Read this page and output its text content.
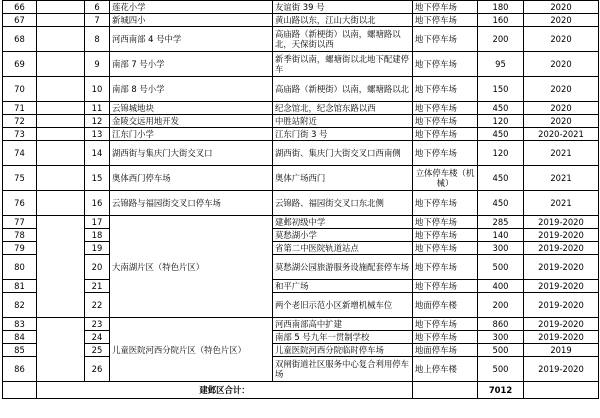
66		6	莲花小学	友谊街 39 号	地下停车场	180	2020
67		7	新城四小	黄山路以东，江山大街以北	地下停车场	160	2020
68		8	河西南部 4 号中学	高庙路（新梗街）以南，螺塘路以北，天保街以西	地下停车场	200	2020
69		9	南部 7 号小学	新季街以南，螺塘街以北地下配建停车	地下停车场	95	2020
70		10	南部 8 号小学	高庙路（新梗街）以南，螺塘路以北	地下停车场	150	2020
71		11	云锦城地块	纪念馆北，纪念馆东路以西	地下停车场	450	2020
72		12	金陵交远用地开发	中胜站附近	地下停车场	120	2020
73		13	江东门小学	江东门街 3 号	地下停车场	450	2020-2021
74		14	湖西街与集庆门大街交叉口	湖西街、集庆门大街交叉口西南侧	地下停车场	120	2021
75		15	奥体西门停车场	奥体广场西门	立体停车楼（机械）	450	2021
76		16	云锦路与福园街交叉口停车场	云锦路、福园街交叉口东北侧	地下停车场	450	2021
77		17	大南湖片区（特色片区）	建邺初级中学	地下停车场	285	2019-2020
78		18		莫愁湖小学	地下停车场	140	2019-2020
79		19		省第二中医院轨道站点	地下停车场	300	2019-2020
80		20		莫愁湖公园旅游服务设施配套停车场	地下停车场	500	2019-2020
81		21		和平广场	地下停车场	400	2019-2020
82		22		两个老旧示范小区新增机械车位	地面停车楼	200	2019-2020
83		23	儿童医院河西分院片区（特色片区）	河西南部高中扩建	地下停车场	860	2019-2020
84		24		南部 5 号九年一贯制学校	地下停车场	300	2019-2020
85		25		儿童医院河西分院临时停车场	地面停车场	500	2019
86		26		双闸街道社区服务中心复合利用停车场	地上停车楼	500	2019-2020
	建邺区合计：					7012	
